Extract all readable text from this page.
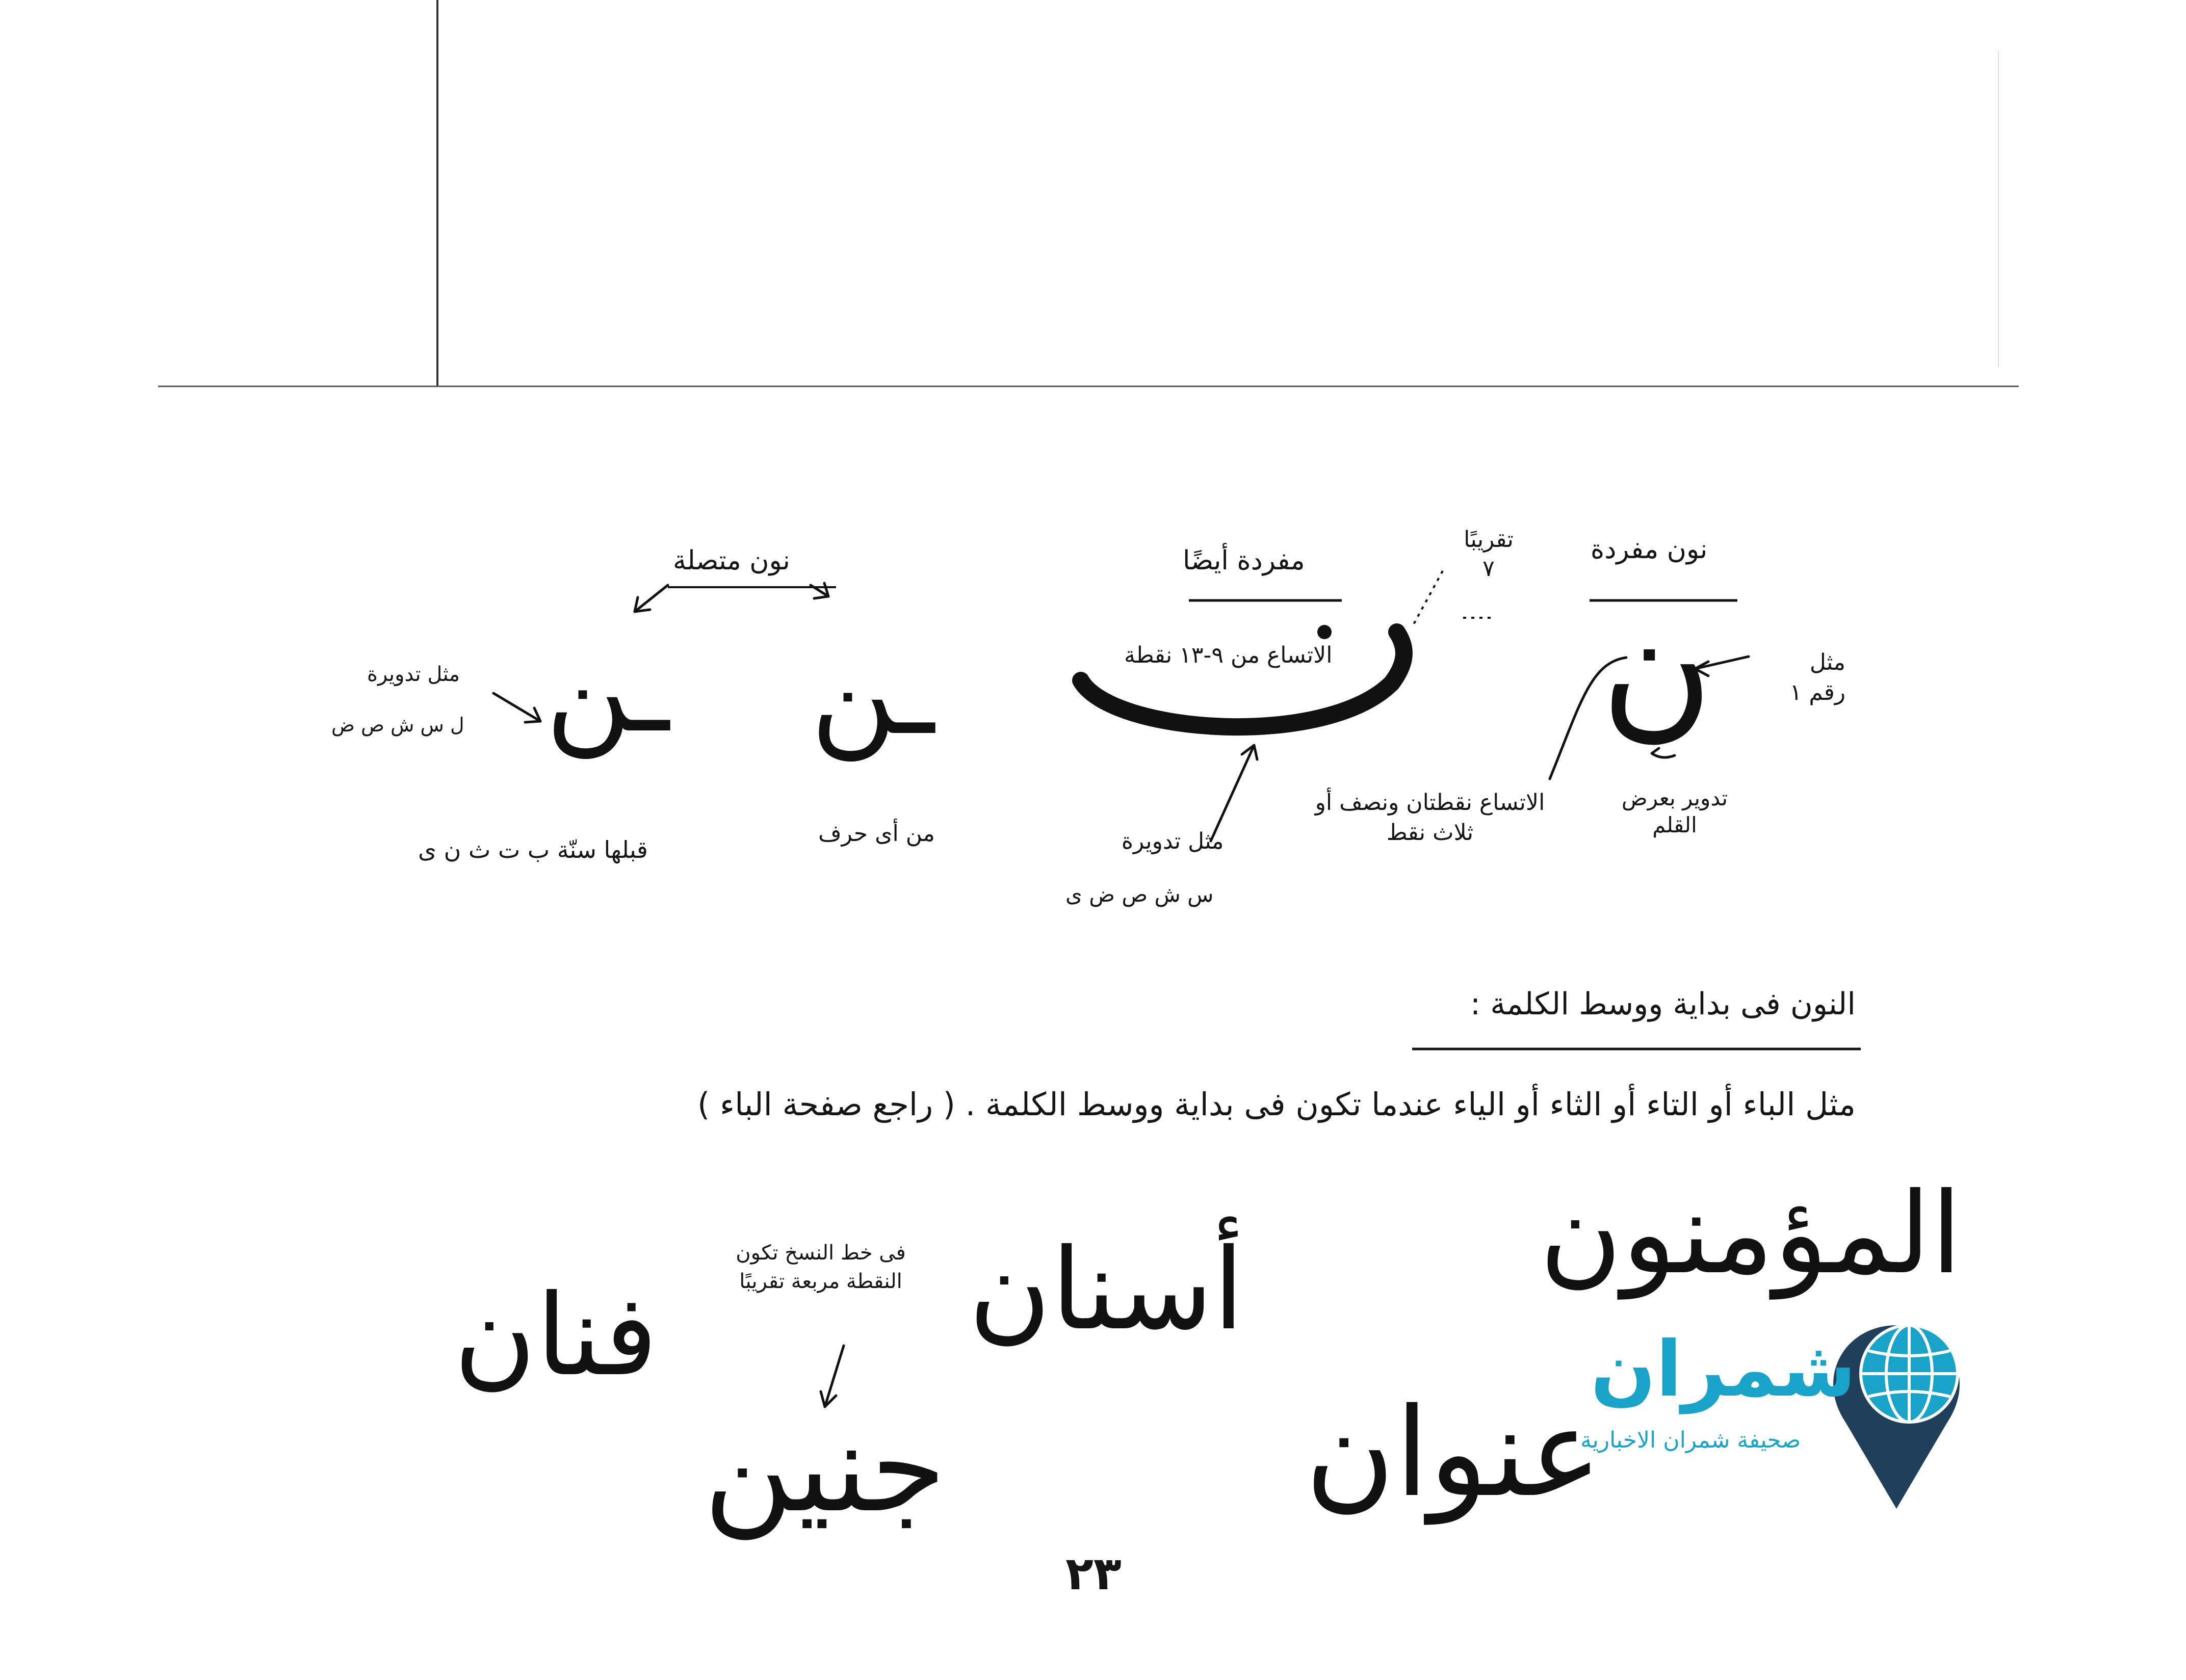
نون مفردة
ن	مثل رقم ١
تدوير بعرض القلم
الاتساع نقطتان ونصف أو ثلاث نقط
تقريبًا ٧
مفردة أيضًا
الاتساع من ٩-١٣ نقطة
مثل تدويرة
س ش ص ض ى
نون متصلة
ـن
من أى حرف
ـن
مثل تدويرة
ل س ش ص ض
قبلها سنّة ب ت ث ن ى
النون فى بداية ووسط الكلمة :
مثل الباء أو التاء أو الثاء أو الياء عندما تكون فى بداية ووسط الكلمة . ( راجع صفحة الباء )
المؤمنون
أسنان
فنان
عنوان
جنين
فى خط النسخ تكون النقطة مربعة تقريبًا
٢٣
شمران
صحيفة شمران الاخبارية
